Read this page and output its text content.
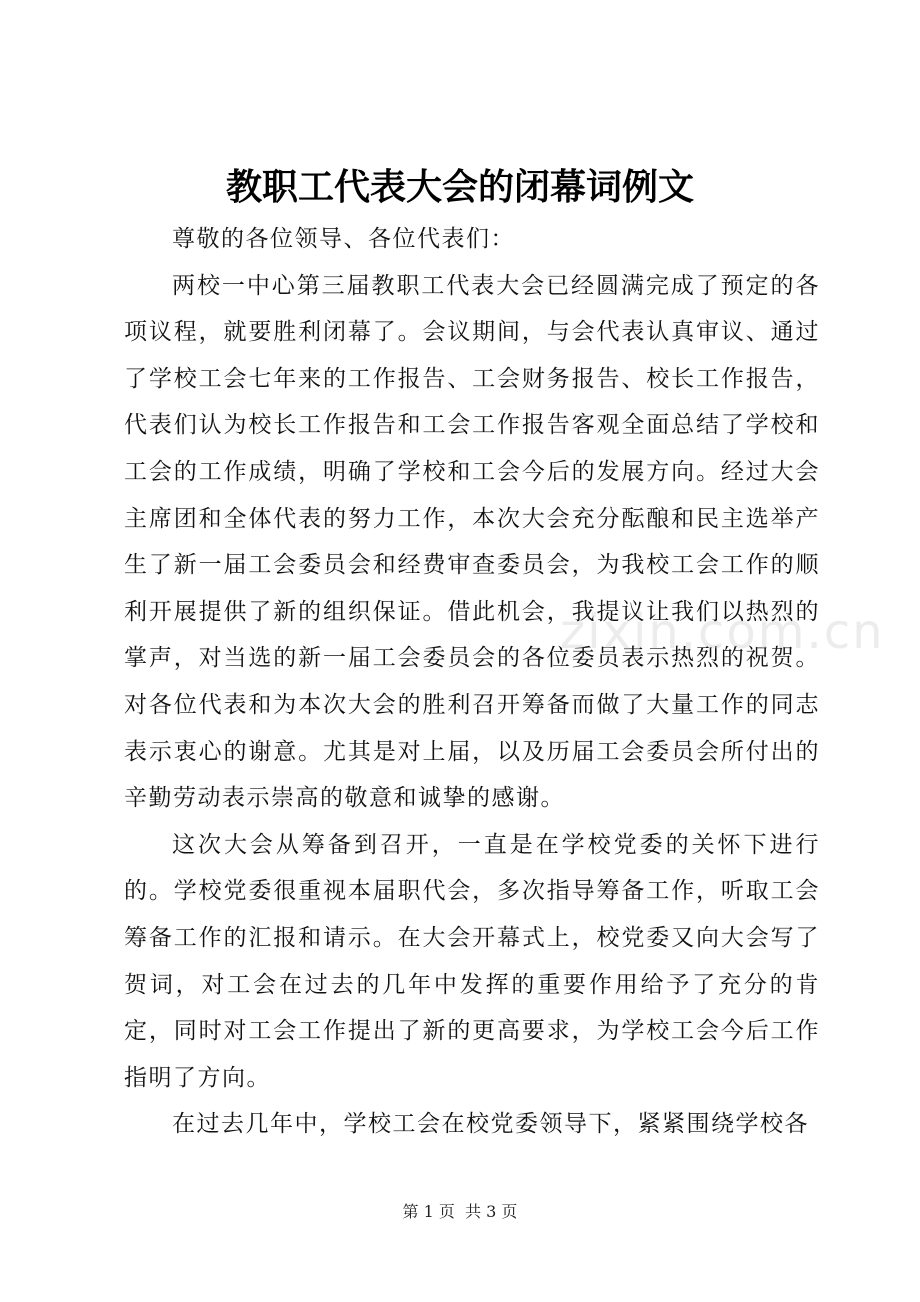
教职工代表大会的闭幕词例文

尊敬的各位领导、各位代表们：

两校一中心第三届教职工代表大会已经圆满完成了预定的各项议程，就要胜利闭幕了。会议期间，与会代表认真审议、通过了学校工会七年来的工作报告、工会财务报告、校长工作报告，代表们认为校长工作报告和工会工作报告客观全面总结了学校和工会的工作成绩，明确了学校和工会今后的发展方向。经过大会主席团和全体代表的努力工作，本次大会充分酝酿和民主选举产生了新一届工会委员会和经费审查委员会，为我校工会工作的顺利开展提供了新的组织保证。借此机会，我提议让我们以热烈的掌声，对当选的新一届工会委员会的各位委员表示热烈的祝贺。对各位代表和为本次大会的胜利召开筹备而做了大量工作的同志表示衷心的谢意。尤其是对上届，以及历届工会委员会所付出的辛勤劳动表示崇高的敬意和诚挚的感谢。

这次大会从筹备到召开，一直是在学校党委的关怀下进行的。学校党委很重视本届职代会，多次指导筹备工作，听取工会筹备工作的汇报和请示。在大会开幕式上，校党委又向大会写了贺词，对工会在过去的几年中发挥的重要作用给予了充分的肯定，同时对工会工作提出了新的更高要求，为学校工会今后工作指明了方向。

在过去几年中，学校工会在校党委领导下，紧紧围绕学校各

zixin.com.cn
第 1 页  共 3 页
